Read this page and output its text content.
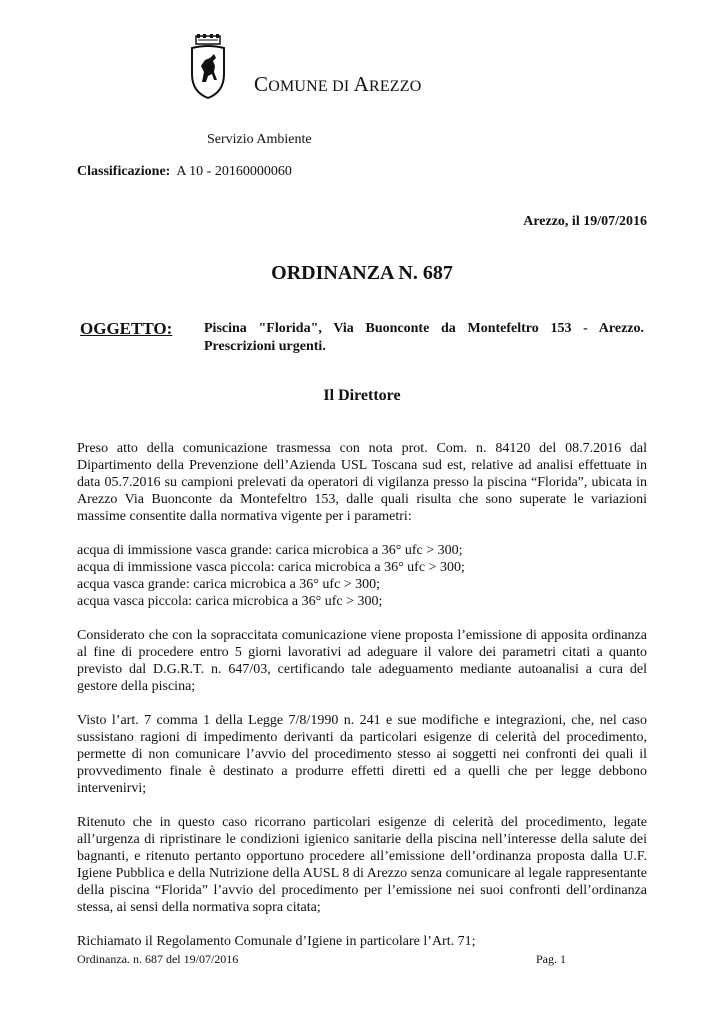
COMUNE DI AREZZO
Servizio Ambiente
Classificazione: A 10 - 20160000060
Arezzo, il 19/07/2016
ORDINANZA N. 687
OGGETTO: Piscina "Florida", Via Buonconte da Montefeltro 153 - Arezzo. Prescrizioni urgenti.
Il Direttore

Preso atto della comunicazione trasmessa con nota prot. Com. n. 84120 del 08.7.2016 dal Dipartimento della Prevenzione dell’Azienda USL Toscana sud est, relative ad analisi effettuate in data 05.7.2016 su campioni prelevati da operatori di vigilanza presso la piscina “Florida”, ubicata in Arezzo Via Buonconte da Montefeltro 153, dalle quali risulta che sono superate le variazioni massime consentite dalla normativa vigente per i parametri:

acqua di immissione vasca grande: carica microbica a 36° ufc > 300;
acqua di immissione vasca piccola: carica microbica a 36° ufc > 300;
acqua vasca grande: carica microbica a 36° ufc > 300;
acqua vasca piccola: carica microbica a 36° ufc > 300;

Considerato che con la sopraccitata comunicazione viene proposta l’emissione di apposita ordinanza al fine di procedere entro 5 giorni lavorativi ad adeguare il valore dei parametri citati a quanto previsto dal D.G.R.T. n. 647/03, certificando tale adeguamento mediante autoanalisi a cura del gestore della piscina;

Visto l’art. 7 comma 1 della Legge 7/8/1990 n. 241 e sue modifiche e integrazioni, che, nel caso sussistano ragioni di impedimento derivanti da particolari esigenze di celerità del procedimento, permette di non comunicare l’avvio del procedimento stesso ai soggetti nei confronti dei quali il provvedimento finale è destinato a produrre effetti diretti ed a quelli che per legge debbono intervenirvi;

Ritenuto che in questo caso ricorrano particolari esigenze di celerità del procedimento, legate all’urgenza di ripristinare le condizioni igienico sanitarie della piscina nell’interesse della salute dei bagnanti, e ritenuto pertanto opportuno procedere all’emissione dell’ordinanza proposta dalla U.F. Igiene Pubblica e della Nutrizione della AUSL 8 di Arezzo senza comunicare al legale rappresentante della piscina “Florida” l’avvio del procedimento per l’emissione nei suoi confronti dell’ordinanza stessa, ai sensi della normativa sopra citata;

Richiamato il Regolamento Comunale d’Igiene in particolare l’Art. 71;

Ordinanza. n. 687 del 19/07/2016	Pag. 1
